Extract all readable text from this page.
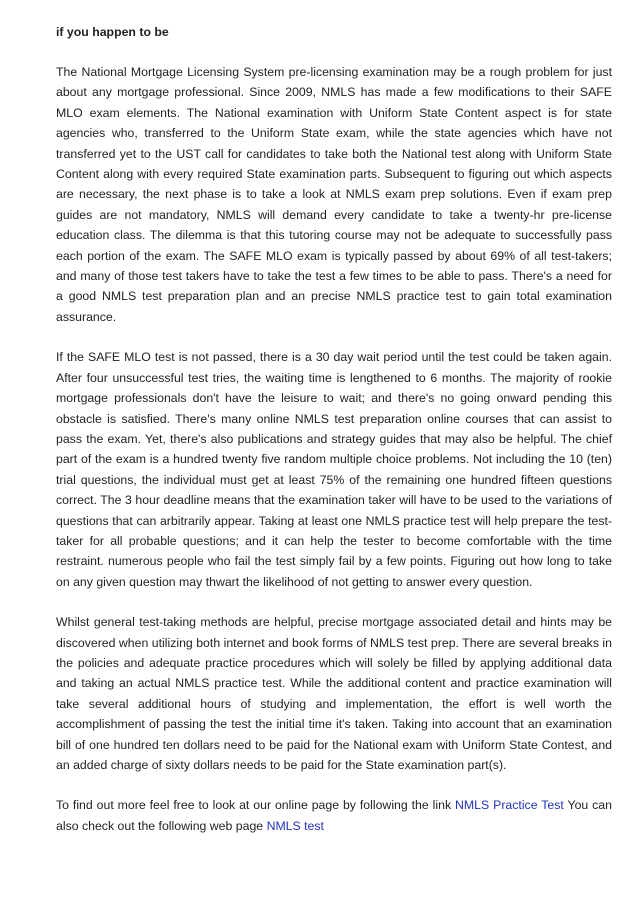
if you happen to be

The National Mortgage Licensing System pre-licensing examination may be a rough problem for just about any mortgage professional. Since 2009, NMLS has made a few modifications to their SAFE MLO exam elements. The National examination with Uniform State Content aspect is for state agencies who, transferred to the Uniform State exam, while the state agencies which have not transferred yet to the UST call for candidates to take both the National test along with Uniform State Content along with every required State examination parts. Subsequent to figuring out which aspects are necessary, the next phase is to take a look at NMLS exam prep solutions. Even if exam prep guides are not mandatory, NMLS will demand every candidate to take a twenty-hr pre-license education class. The dilemma is that this tutoring course may not be adequate to successfully pass each portion of the exam. The SAFE MLO exam is typically passed by about 69% of all test-takers; and many of those test takers have to take the test a few times to be able to pass. There's a need for a good NMLS test preparation plan and an precise NMLS practice test to gain total examination assurance.

If the SAFE MLO test is not passed, there is a 30 day wait period until the test could be taken again. After four unsuccessful test tries, the waiting time is lengthened to 6 months. The majority of rookie mortgage professionals don't have the leisure to wait; and there's no going onward pending this obstacle is satisfied. There's many online NMLS test preparation online courses that can assist to pass the exam. Yet, there's also publications and strategy guides that may also be helpful. The chief part of the exam is a hundred twenty five random multiple choice problems. Not including the 10 (ten) trial questions, the individual must get at least 75% of the remaining one hundred fifteen questions correct. The 3 hour deadline means that the examination taker will have to be used to the variations of questions that can arbitrarily appear. Taking at least one NMLS practice test will help prepare the test-taker for all probable questions; and it can help the tester to become comfortable with the time restraint. numerous people who fail the test simply fail by a few points. Figuring out how long to take on any given question may thwart the likelihood of not getting to answer every question.

Whilst general test-taking methods are helpful, precise mortgage associated detail and hints may be discovered when utilizing both internet and book forms of NMLS test prep. There are several breaks in the policies and adequate practice procedures which will solely be filled by applying additional data and taking an actual NMLS practice test. While the additional content and practice examination will take several additional hours of studying and implementation, the effort is well worth the accomplishment of passing the test the initial time it's taken. Taking into account that an examination bill of one hundred ten dollars need to be paid for the National exam with Uniform State Contest, and an added charge of sixty dollars needs to be paid for the State examination part(s).

To find out more feel free to look at our online page by following the link NMLS Practice Test You can also check out the following web page NMLS test
